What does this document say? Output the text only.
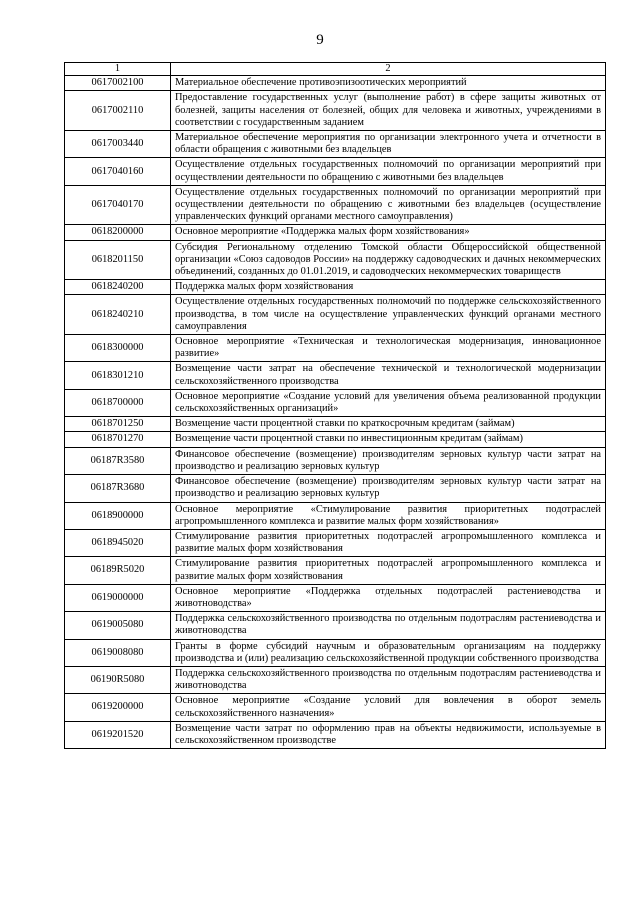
9
1	2
0617002100	Материальное обеспечение противоэпизоотических мероприятий
0617002110	Предоставление государственных услуг (выполнение работ) в сфере защиты животных от болезней, защиты населения от болезней, общих для человека и животных, учреждениями в соответствии с государственным заданием
0617003440	Материальное обеспечение мероприятия по организации электронного учета и отчетности в области обращения с животными без владельцев
0617040160	Осуществление отдельных государственных полномочий по организации мероприятий при осуществлении деятельности по обращению с животными без владельцев
0617040170	Осуществление отдельных государственных полномочий по организации мероприятий при осуществлении деятельности по обращению с животными без владельцев (осуществление управленческих функций органами местного самоуправления)
0618200000	Основное мероприятие «Поддержка малых форм хозяйствования»
0618201150	Субсидия Региональному отделению Томской области Общероссийской общественной организации «Союз садоводов России» на поддержку садоводческих и дачных некоммерческих объединений, созданных до 01.01.2019, и садоводческих некоммерческих товариществ
0618240200	Поддержка малых форм хозяйствования
0618240210	Осуществление отдельных государственных полномочий по поддержке сельскохозяйственного производства, в том числе на осуществление управленческих функций органами местного самоуправления
0618300000	Основное мероприятие «Техническая и технологическая модернизация, инновационное развитие»
0618301210	Возмещение части затрат на обеспечение технической и технологической модернизации сельскохозяйственного производства
0618700000	Основное мероприятие «Создание условий для увеличения объема реализованной продукции сельскохозяйственных организаций»
0618701250	Возмещение части процентной ставки по краткосрочным кредитам (займам)
0618701270	Возмещение части процентной ставки по инвестиционным кредитам (займам)
06187R3580	Финансовое обеспечение (возмещение) производителям зерновых культур части затрат на производство и реализацию зерновых культур
06187R3680	Финансовое обеспечение (возмещение) производителям зерновых культур части затрат на производство и реализацию зерновых культур
0618900000	Основное мероприятие «Стимулирование развития приоритетных подотраслей агропромышленного комплекса и развитие малых форм хозяйствования»
0618945020	Стимулирование развития приоритетных подотраслей агропромышленного комплекса и развитие малых форм хозяйствования
06189R5020	Стимулирование развития приоритетных подотраслей агропромышленного комплекса и развитие малых форм хозяйствования
0619000000	Основное мероприятие «Поддержка отдельных подотраслей растениеводства и животноводства»
0619005080	Поддержка сельскохозяйственного производства по отдельным подотраслям растениеводства и животноводства
0619008080	Гранты в форме субсидий научным и образовательным организациям на поддержку производства и (или) реализацию сельскохозяйственной продукции собственного производства
06190R5080	Поддержка сельскохозяйственного производства по отдельным подотраслям растениеводства и животноводства
0619200000	Основное мероприятие «Создание условий для вовлечения в оборот земель сельскохозяйственного назначения»
0619201520	Возмещение части затрат по оформлению прав на объекты недвижимости, используемые в сельскохозяйственном производстве
